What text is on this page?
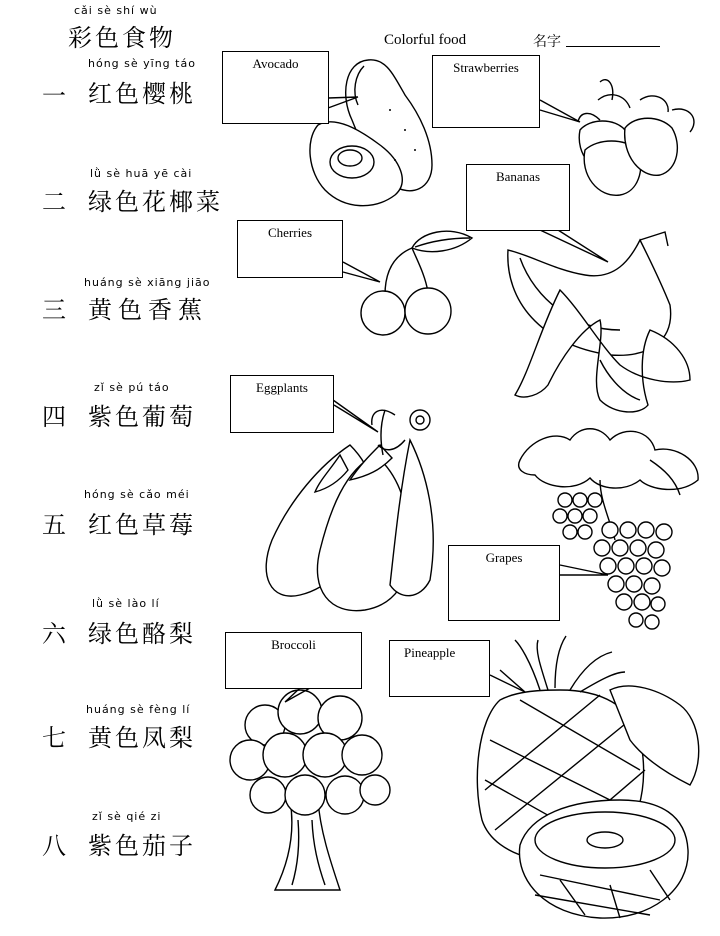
cǎi sè shí wù
彩色食物	Colorful food	名字
一
hóng sè yīng táo
红色樱桃
二
lǜ sè huā yē cài
绿色花椰菜
三
huáng sè xiāng jiāo
黄色香蕉
四
zǐ sè pú táo
紫色葡萄
五
hóng sè cǎo méi
红色草莓
六
lǜ sè lào lí
绿色酪梨
七
huáng sè fèng lí
黄色凤梨
八
zǐ sè qié zi
紫色茄子
Avocado	Strawberries
Bananas
Cherries
Eggplants
Grapes
Broccoli
Pineapple
